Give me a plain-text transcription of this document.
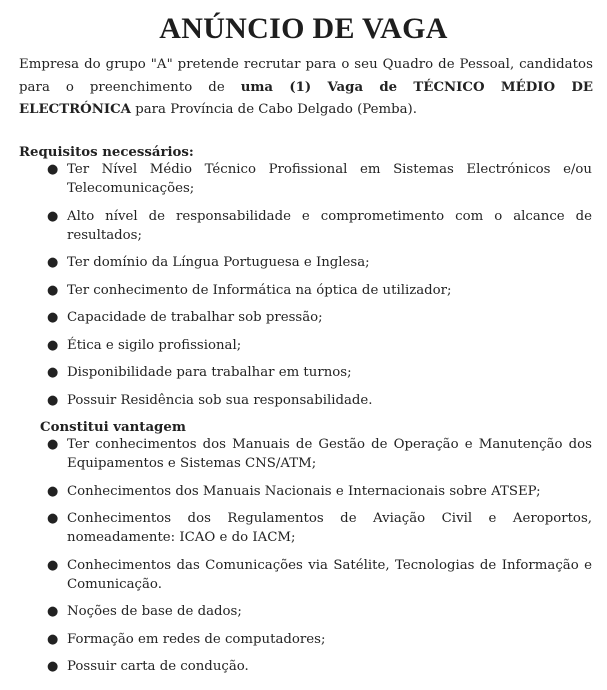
ANÚNCIO DE VAGA

Empresa do grupo "A" pretende recrutar para o seu Quadro de Pessoal, candidatos para o preenchimento de uma (1) Vaga de TÉCNICO MÉDIO DE ELECTRÓNICA para Província de Cabo Delgado (Pemba).

Requisitos necessários:
● Ter Nível Médio Técnico Profissional em Sistemas Electrónicos e/ou Telecomunicações;
● Alto nível de responsabilidade e comprometimento com o alcance de resultados;
● Ter domínio da Língua Portuguesa e Inglesa;
● Ter conhecimento de Informática na óptica de utilizador;
● Capacidade de trabalhar sob pressão;
● Ética e sigilo profissional;
● Disponibilidade para trabalhar em turnos;
● Possuir Residência sob sua responsabilidade.
Constitui vantagem
● Ter conhecimentos dos Manuais de Gestão de Operação e Manutenção dos Equipamentos e Sistemas CNS/ATM;
● Conhecimentos dos Manuais Nacionais e Internacionais sobre ATSEP;
● Conhecimentos dos Regulamentos de Aviação Civil e Aeroportos, nomeadamente: ICAO e do IACM;
● Conhecimentos das Comunicações via Satélite, Tecnologias de Informação e Comunicação.
● Noções de base de dados;
● Formação em redes de computadores;
● Possuir carta de condução.
